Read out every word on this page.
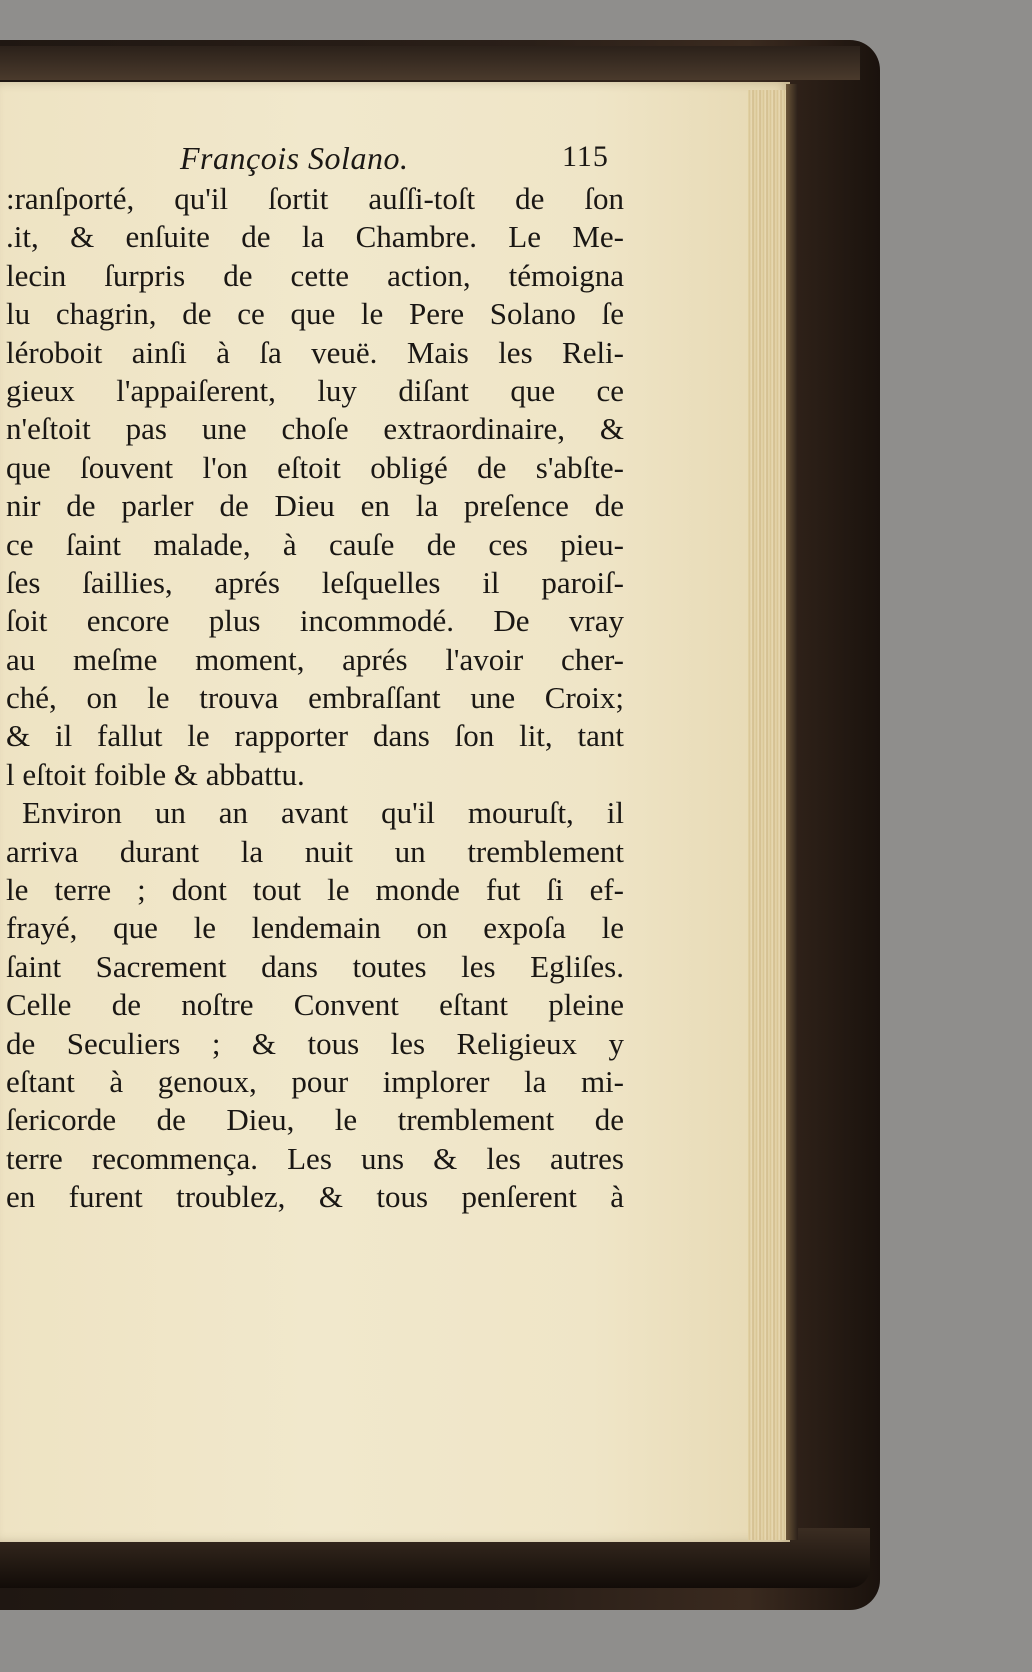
François Solano.	115
:ranſporté, qu'il ſortit auſſi-toſt de ſon
.it, & enſuite de la Chambre. Le Me-
lecin ſurpris de cette action, témoigna
lu chagrin, de ce que le Pere Solano ſe
léroboit ainſi à ſa veuë. Mais les Reli-
gieux l'appaiſerent, luy diſant que ce
n'eſtoit pas une choſe extraordinaire, &
que ſouvent l'on eſtoit obligé de s'abſte-
nir de parler de Dieu en la preſence de
ce ſaint malade, à cauſe de ces pieu-
ſes ſaillies, aprés leſquelles il paroiſ-
ſoit encore plus incommodé. De vray
au meſme moment, aprés l'avoir cher-
ché, on le trouva embraſſant une Croix;
& il fallut le rapporter dans ſon lit, tant
l eſtoit foible & abbattu.
Environ un an avant qu'il mouruſt, il
arriva durant la nuit un tremblement
le terre ; dont tout le monde fut ſi ef-
frayé, que le lendemain on expoſa le
ſaint Sacrement dans toutes les Egliſes.
Celle de noſtre Convent eſtant pleine
de Seculiers ; & tous les Religieux y
eſtant à genoux, pour implorer la mi-
ſericorde de Dieu, le tremblement de
terre recommença. Les uns & les autres
en furent troublez, & tous penſerent à
